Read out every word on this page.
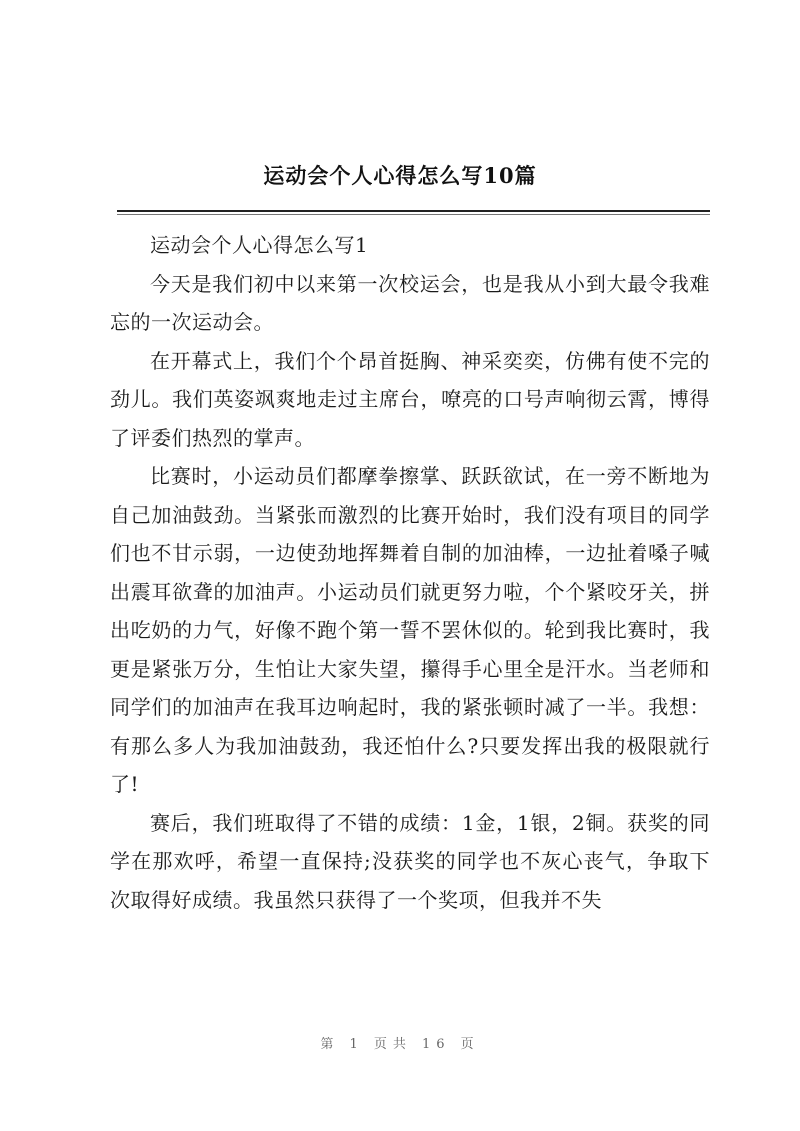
运动会个人心得怎么写10篇

运动会个人心得怎么写1

今天是我们初中以来第一次校运会，也是我从小到大最令我难忘的一次运动会。

在开幕式上，我们个个昂首挺胸、神采奕奕，仿佛有使不完的劲儿。我们英姿飒爽地走过主席台，嘹亮的口号声响彻云霄，博得了评委们热烈的掌声。

比赛时，小运动员们都摩拳擦掌、跃跃欲试，在一旁不断地为自己加油鼓劲。当紧张而激烈的比赛开始时，我们没有项目的同学们也不甘示弱，一边使劲地挥舞着自制的加油棒，一边扯着嗓子喊出震耳欲聋的加油声。小运动员们就更努力啦，个个紧咬牙关，拼出吃奶的力气，好像不跑个第一誓不罢休似的。轮到我比赛时，我更是紧张万分，生怕让大家失望，攥得手心里全是汗水。当老师和同学们的加油声在我耳边响起时，我的紧张顿时减了一半。我想：有那么多人为我加油鼓劲，我还怕什么?只要发挥出我的极限就行了!

赛后，我们班取得了不错的成绩：1金，1银，2铜。获奖的同学在那欢呼，希望一直保持;没获奖的同学也不灰心丧气，争取下次取得好成绩。我虽然只获得了一个奖项，但我并不失

第 1 页共 16 页
